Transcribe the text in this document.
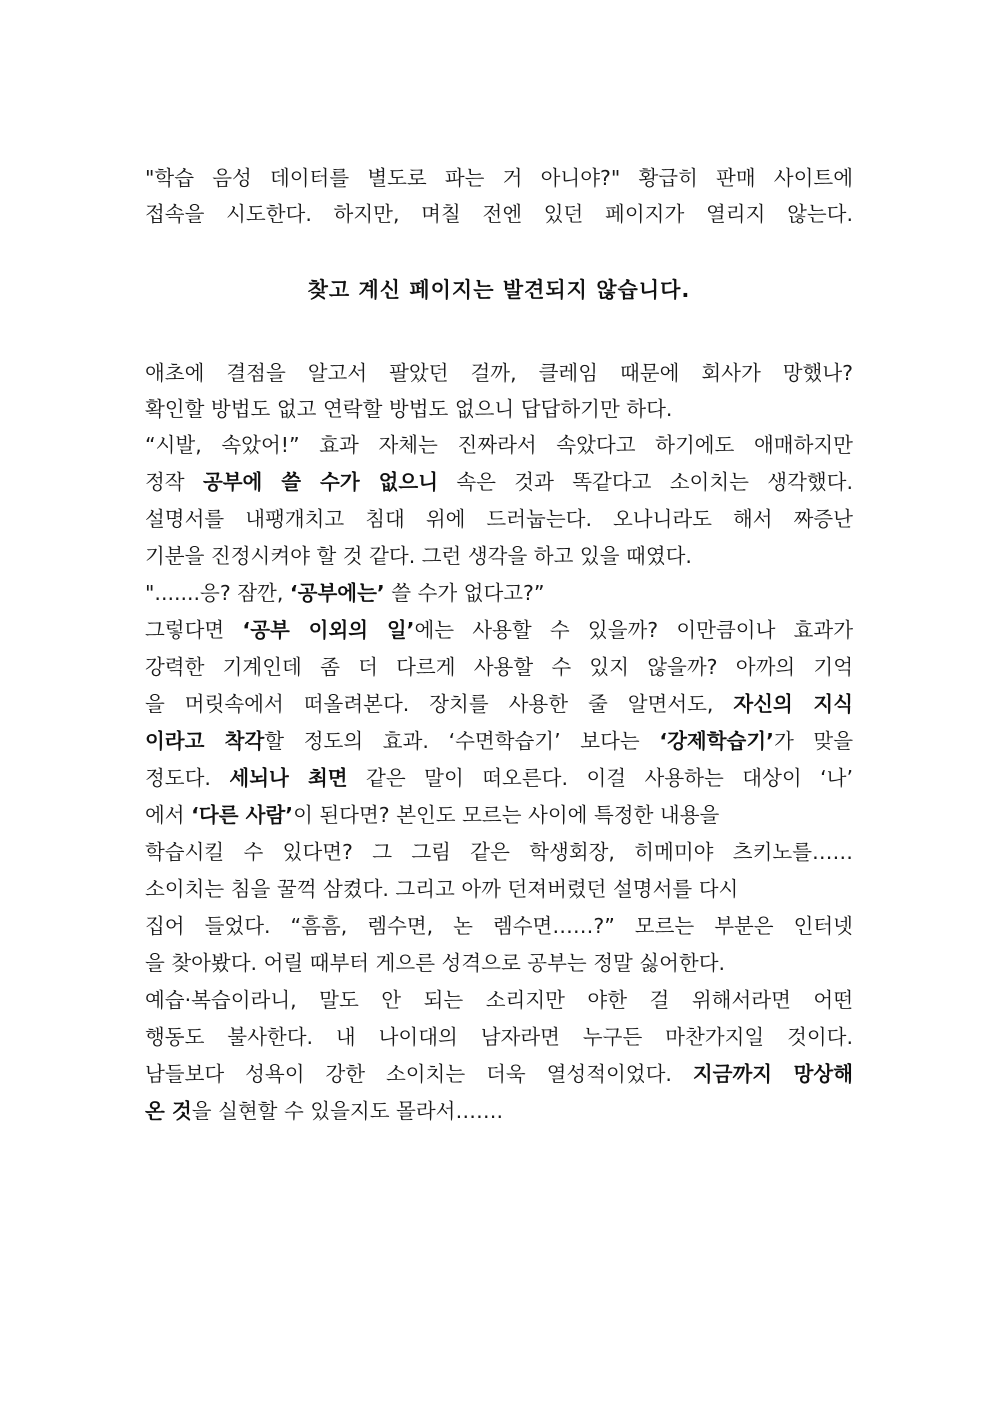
"학습 음성 데이터를 별도로 파는 거 아니야?" 황급히 판매 사이트에
접속을 시도한다. 하지만, 며칠 전엔 있던 페이지가 열리지 않는다.
찾고 계신 페이지는 발견되지 않습니다.
애초에 결점을 알고서 팔았던 걸까, 클레임 때문에 회사가 망했나?
확인할 방법도 없고 연락할 방법도 없으니 답답하기만 하다.
“시발, 속았어!” 효과 자체는 진짜라서 속았다고 하기에도 애매하지만
정작 공부에 쓸 수가 없으니 속은 것과 똑같다고 소이치는 생각했다.
설명서를 내팽개치고 침대 위에 드러눕는다. 오나니라도 해서 짜증난
기분을 진정시켜야 할 것 같다. 그런 생각을 하고 있을 때였다.
".......응? 잠깐, ‘공부에는’ 쓸 수가 없다고?”
그렇다면 ‘공부 이외의 일’에는 사용할 수 있을까? 이만큼이나 효과가
강력한 기계인데 좀 더 다르게 사용할 수 있지 않을까? 아까의 기억
을 머릿속에서 떠올려본다. 장치를 사용한 줄 알면서도, 자신의 지식
이라고 착각할 정도의 효과. ‘수면학습기’ 보다는 ‘강제학습기’가 맞을
정도다. 세뇌나 최면 같은 말이 떠오른다. 이걸 사용하는 대상이 ‘나’
에서 ‘다른 사람’이 된다면? 본인도 모르는 사이에 특정한 내용을
학습시킬 수 있다면? 그 그림 같은 학생회장, 히메미야 츠키노를……
소이치는 침을 꿀꺽 삼켰다. 그리고 아까 던져버렸던 설명서를 다시
집어 들었다. “흠흠, 렘수면, 논 렘수면……?” 모르는 부분은 인터넷
을 찾아봤다. 어릴 때부터 게으른 성격으로 공부는 정말 싫어한다.
예습·복습이라니, 말도 안 되는 소리지만 야한 걸 위해서라면 어떤
행동도 불사한다. 내 나이대의 남자라면 누구든 마찬가지일 것이다.
남들보다 성욕이 강한 소이치는 더욱 열성적이었다. 지금까지 망상해
온 것을 실현할 수 있을지도 몰라서…….
